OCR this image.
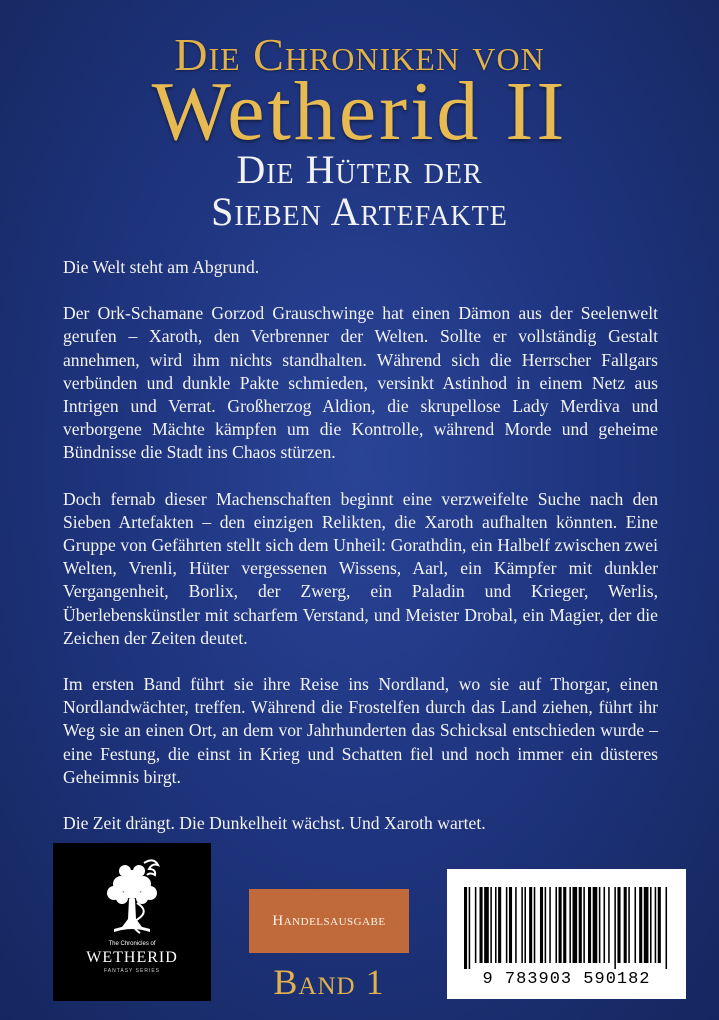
Die Chroniken von
Wetherid II
Die Hüter der
Sieben Artefakte

Die Welt steht am Abgrund.

Der Ork-Schamane Gorzod Grauschwinge hat einen Dämon aus der Seelenwelt gerufen – Xaroth, den Verbrenner der Welten. Sollte er vollständig Gestalt annehmen, wird ihm nichts standhalten. Während sich die Herrscher Fallgars verbünden und dunkle Pakte schmieden, versinkt Astinhod in einem Netz aus Intrigen und Verrat. Großherzog Aldion, die skrupellose Lady Merdiva und verborgene Mächte kämpfen um die Kontrolle, während Morde und geheime Bündnisse die Stadt ins Chaos stürzen.

Doch fernab dieser Machenschaften beginnt eine verzweifelte Suche nach den Sieben Artefakten – den einzigen Relikten, die Xaroth aufhalten könnten. Eine Gruppe von Gefährten stellt sich dem Unheil: Gorathdin, ein Halbelf zwischen zwei Welten, Vrenli, Hüter vergessenen Wissens, Aarl, ein Kämpfer mit dunkler Vergangenheit, Borlix, der Zwerg, ein Paladin und Krieger, Werlis, Überlebenskünstler mit scharfem Verstand, und Meister Drobal, ein Magier, der die Zeichen der Zeiten deutet.

Im ersten Band führt sie ihre Reise ins Nordland, wo sie auf Thorgar, einen Nordlandwächter, treffen. Während die Frostelfen durch das Land ziehen, führt ihr Weg sie an einen Ort, an dem vor Jahrhunderten das Schicksal entschieden wurde – eine Festung, die einst in Krieg und Schatten fiel und noch immer ein düsteres Geheimnis birgt.

Die Zeit drängt. Die Dunkelheit wächst. Und Xaroth wartet.

The Chronicles of
WETHERID
FANTASY SERIES
Handelsausgabe
Band 1	9 783903 590182
